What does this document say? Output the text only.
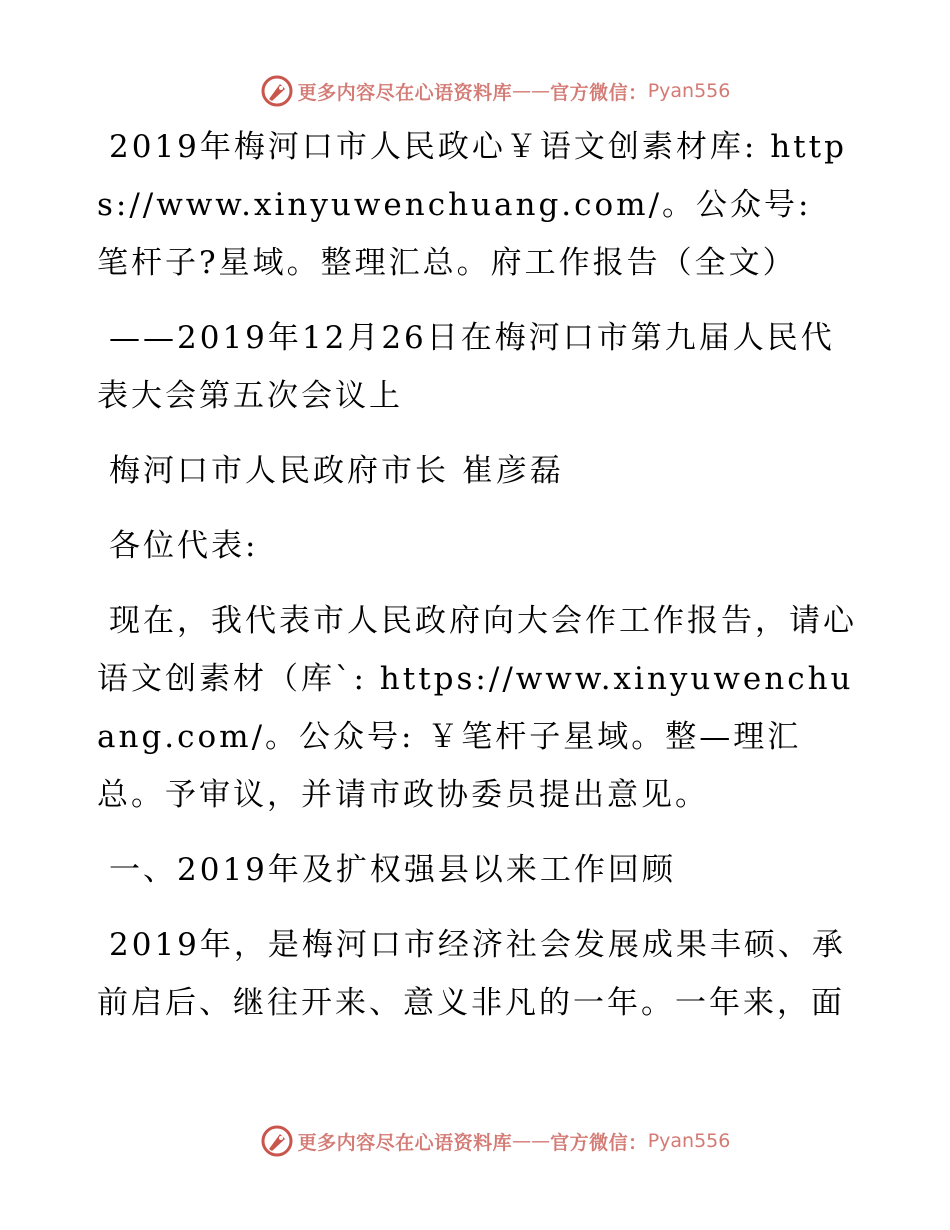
更多内容尽在心语资料库 —— 官方微信： Pyan556

2019年梅河口市人民政心￥语文创素材库: https://www.xinyuwenchuang.com/。公众号: 笔杆子?星域。整理汇总。府工作报告（全文）

——2019年12月26日在梅河口市第九届人民代表大会第五次会议上

梅河口市人民政府市长 崔彦磊

各位代表:

现在，我代表市人民政府向大会作工作报告，请心语文创素材（库`: https://www.xinyuwenchuang.com/。公众号: ￥笔杆子星域。整—理汇总。予审议，并请市政协委员提出意见。

一、2019年及扩权强县以来工作回顾

2019年，是梅河口市经济社会发展成果丰硕、承前启后、继往开来、意义非凡的一年。一年来，面

更多内容尽在心语资料库 —— 官方微信： Pyan556
